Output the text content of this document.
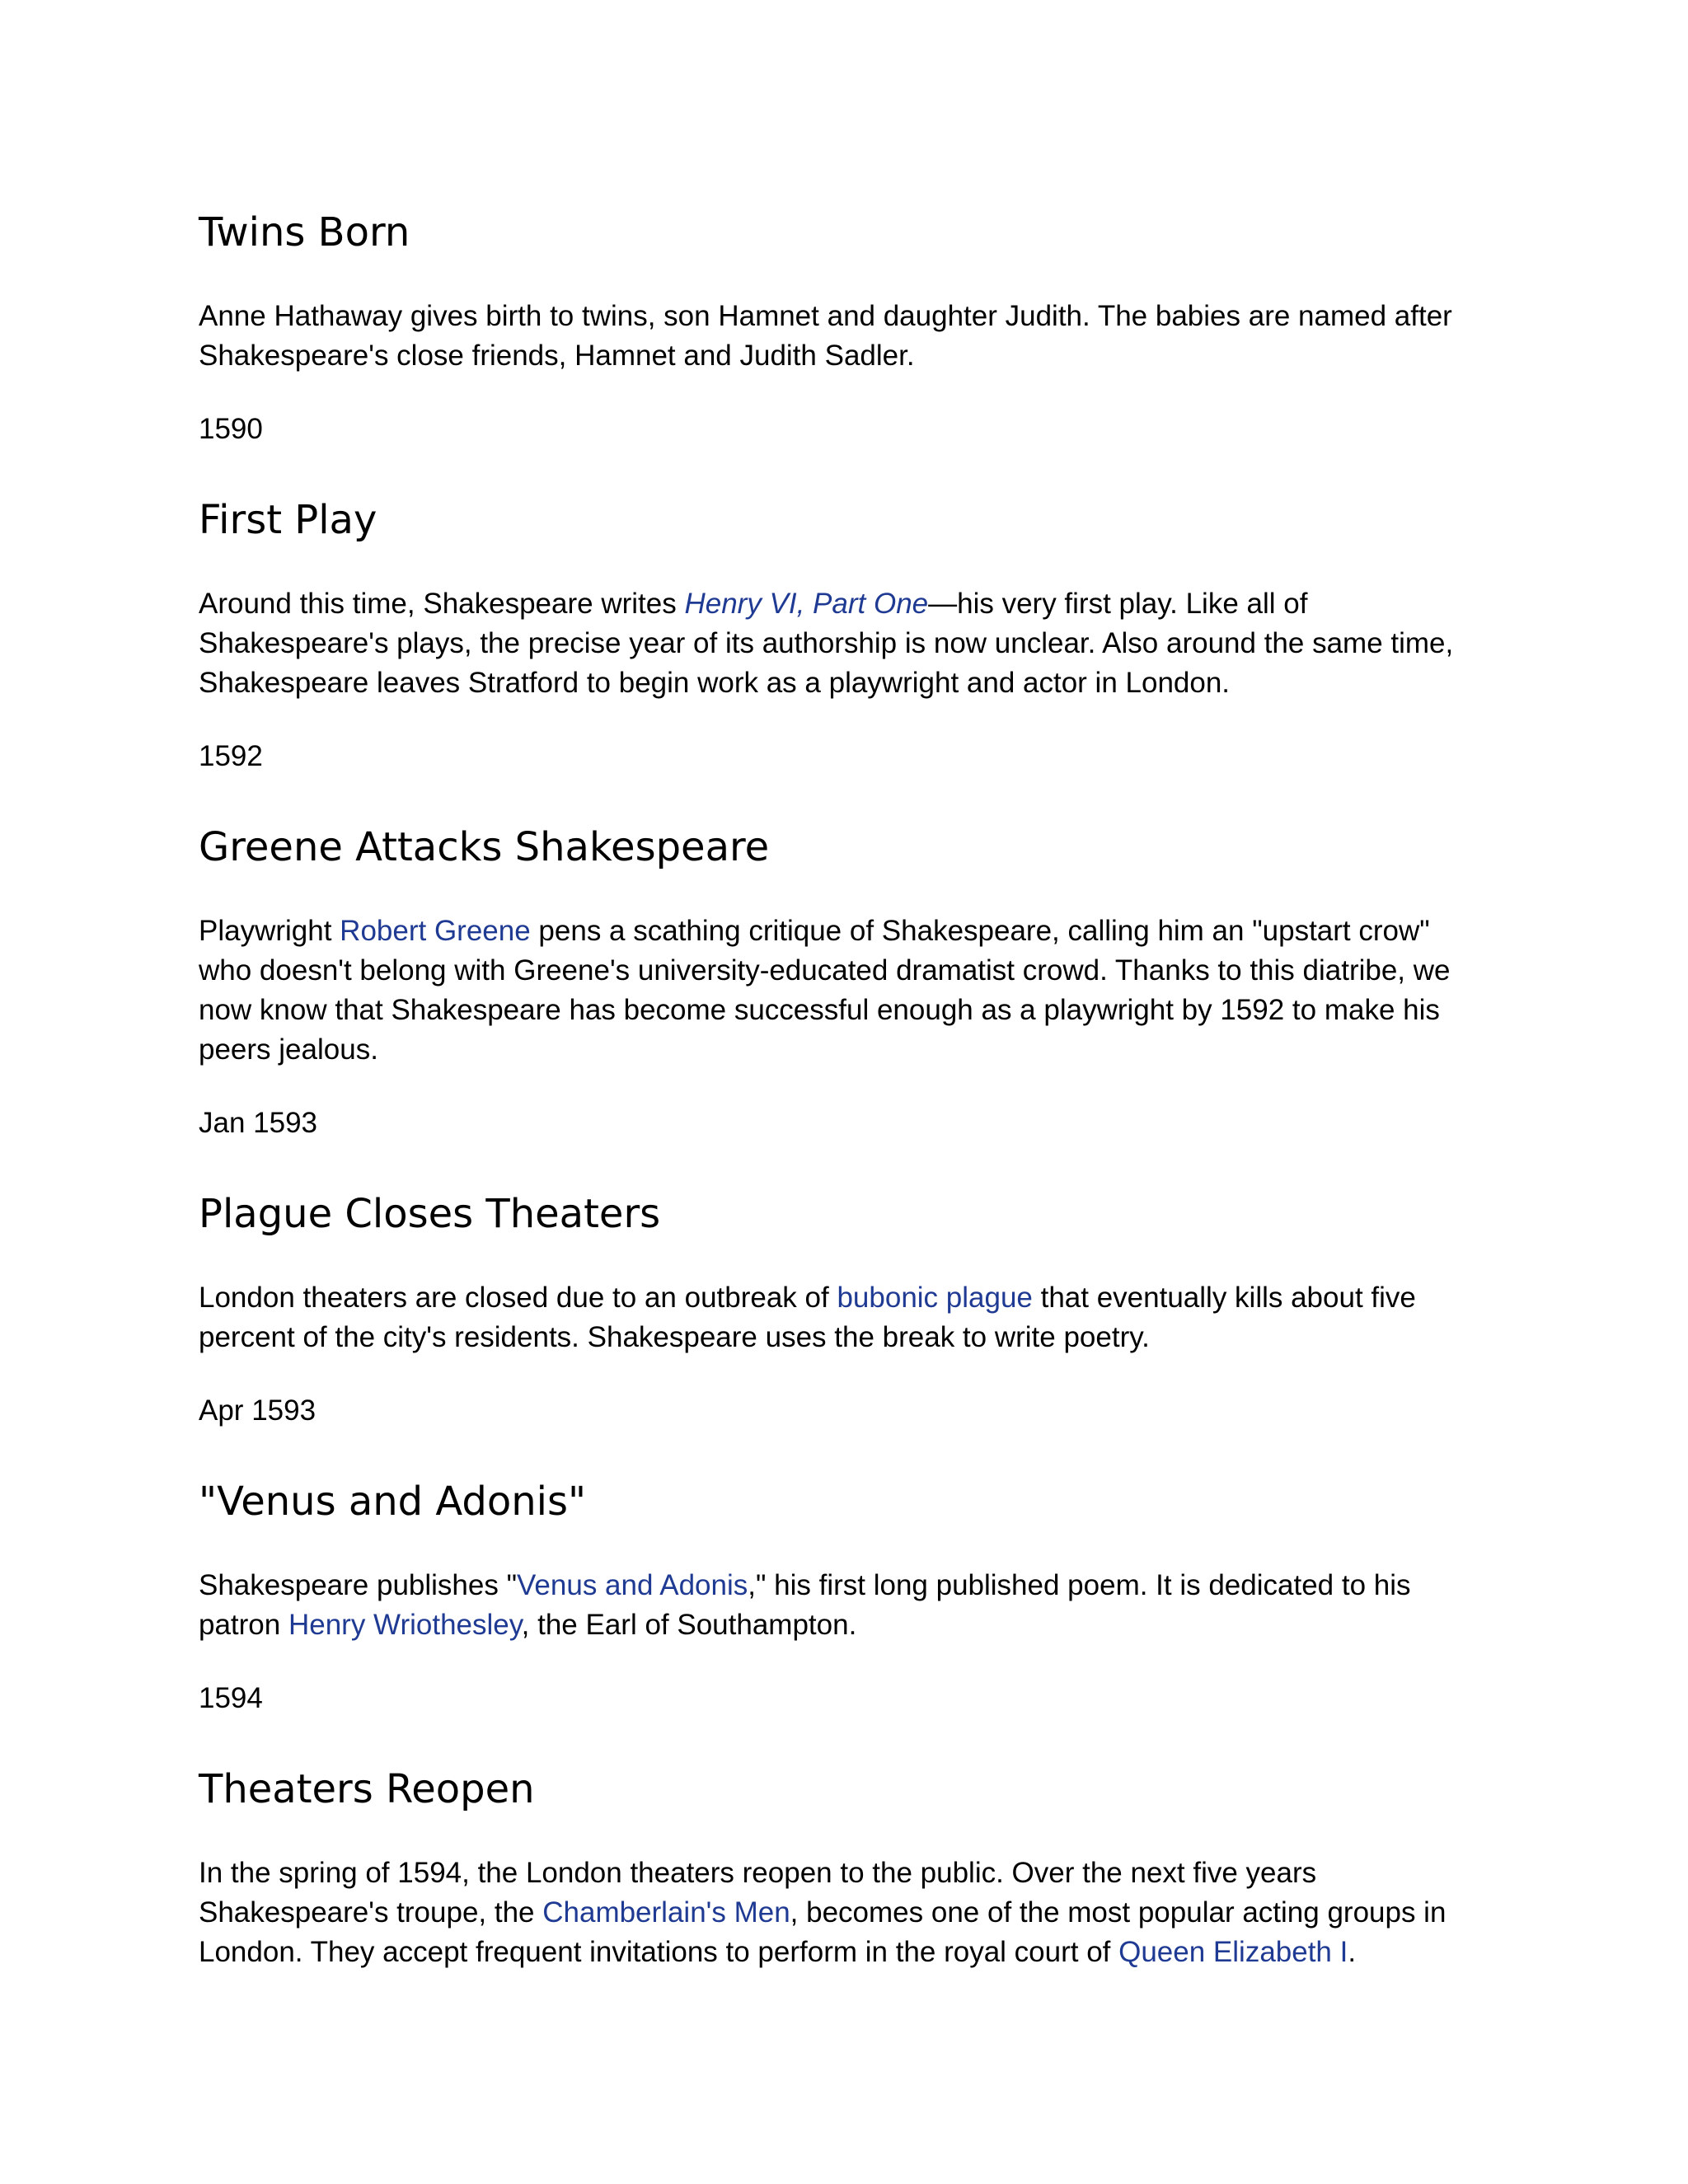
Twins Born

Anne Hathaway gives birth to twins, son Hamnet and daughter Judith. The babies are named after
Shakespeare's close friends, Hamnet and Judith Sadler.

1590

First Play

Around this time, Shakespeare writes Henry VI, Part One—his very first play. Like all of
Shakespeare's plays, the precise year of its authorship is now unclear. Also around the same time,
Shakespeare leaves Stratford to begin work as a playwright and actor in London.

1592

Greene Attacks Shakespeare

Playwright Robert Greene pens a scathing critique of Shakespeare, calling him an "upstart crow"
who doesn't belong with Greene's university-educated dramatist crowd. Thanks to this diatribe, we
now know that Shakespeare has become successful enough as a playwright by 1592 to make his
peers jealous.

Jan 1593

Plague Closes Theaters

London theaters are closed due to an outbreak of bubonic plague that eventually kills about five
percent of the city's residents. Shakespeare uses the break to write poetry.

Apr 1593

"Venus and Adonis"

Shakespeare publishes "Venus and Adonis," his first long published poem. It is dedicated to his
patron Henry Wriothesley, the Earl of Southampton.

1594

Theaters Reopen

In the spring of 1594, the London theaters reopen to the public. Over the next five years
Shakespeare's troupe, the Chamberlain's Men, becomes one of the most popular acting groups in
London. They accept frequent invitations to perform in the royal court of Queen Elizabeth I.
